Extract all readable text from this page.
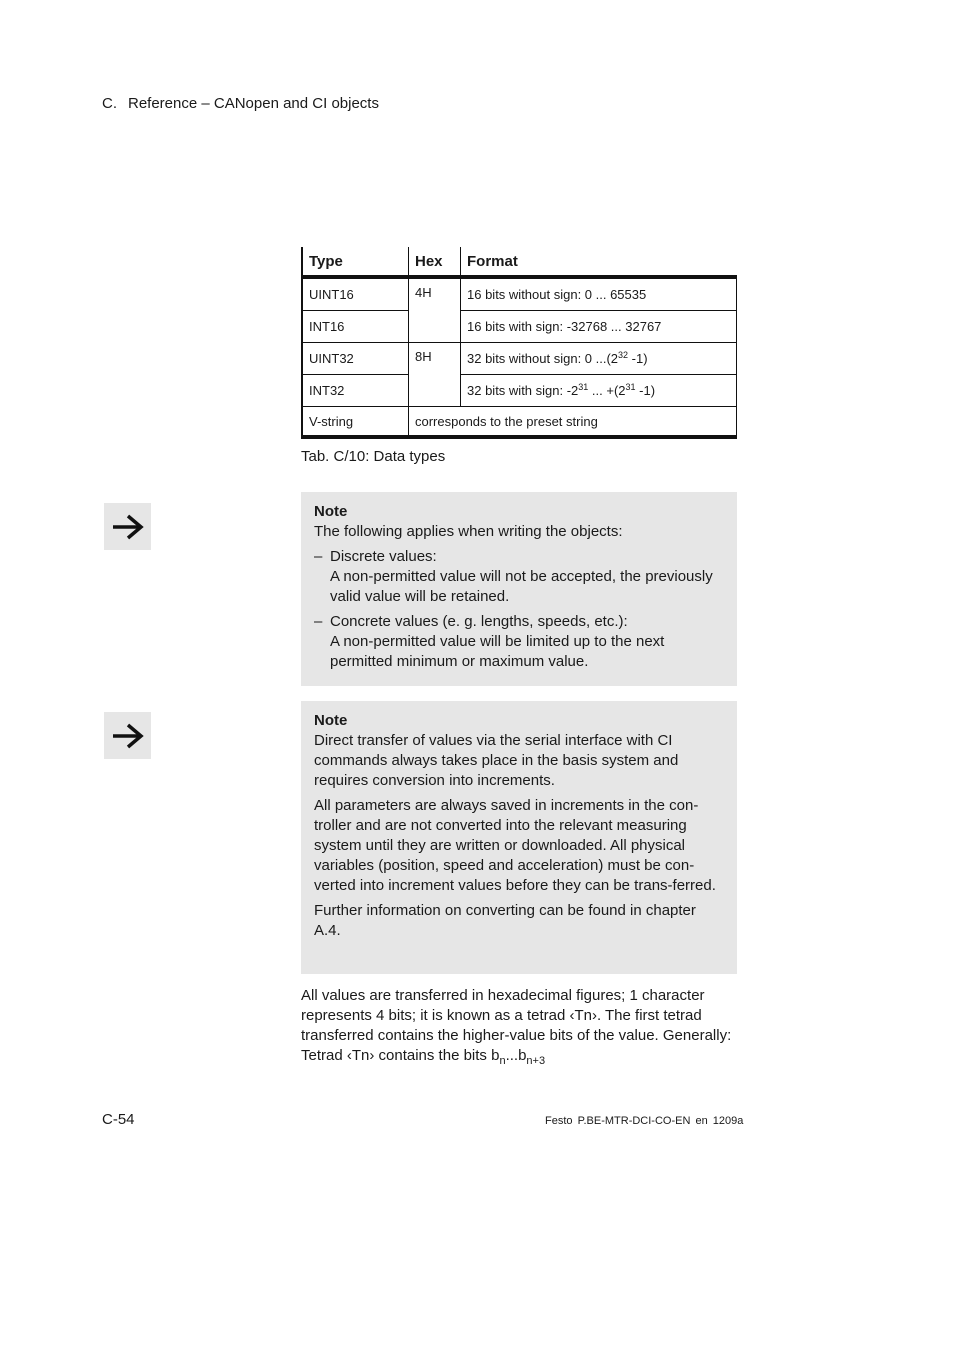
C. Reference – CANopen and CI objects
Type	Hex	Format
UINT16	4H	16 bits without sign: 0 ... 65535
INT16		16 bits with sign: -32768 ... 32767
UINT32	8H	32 bits without sign: 0 $...(2^{32}$ -1)
INT32		32 bits with sign: $-2^{31}$ ... $+(2^{31}$ -1)
V-string	corresponds to the preset string	
Tab. C/10: Data types
Note
The following applies when writing the objects:
– Discrete values:
A non-permitted value will not be accepted, the previously valid value will be retained.
– Concrete values (e. g. lengths, speeds, etc.):
A non-permitted value will be limited up to the next permitted minimum or maximum value.
Note

Direct transfer of values via the serial interface with CI commands always takes place in the basis system and requires conversion into increments.

All parameters are always saved in increments in the con-troller and are not converted into the relevant measuring system until they are written or downloaded. All physical variables (position, speed and acceleration) must be con-verted into increment values before they can be trans-ferred.

Further information on converting can be found in chapter A.4.

All values are transferred in hexadecimal figures; 1 character represents 4 bits; it is known as a tetrad ‹Tn›. The first tetrad transferred contains the higher-value bits of the value. Generally: Tetrad ‹Tn› contains the bits $b_n...b_{n+3}$
C-54	Festo P.BE-MTR-DCI-CO-EN en 1209a
